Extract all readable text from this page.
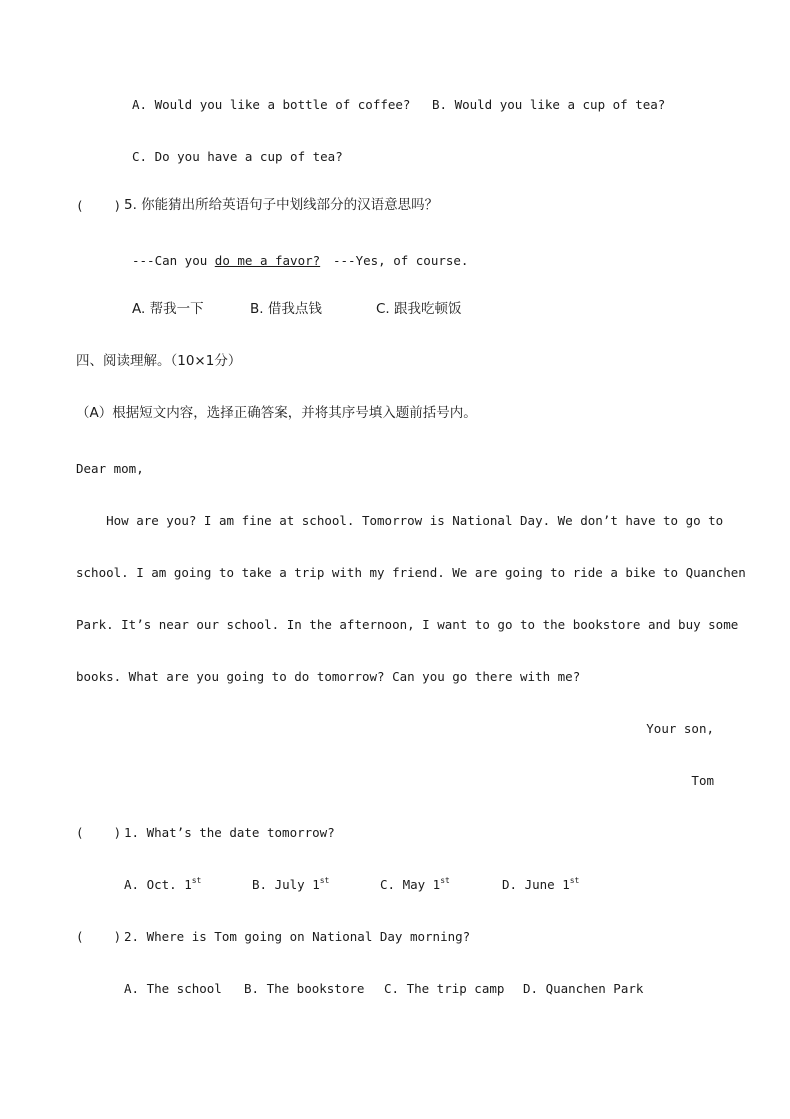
A. Would you like a bottle of coffee? B. Would you like a cup of tea?
C. Do you have a cup of tea?
(    ) 5. 你能猜出所给英语句子中划线部分的汉语意思吗？
---Can you do me a favor? ---Yes, of course.
A. 帮我一下	B. 借我点钱	C. 跟我吃顿饭
四、阅读理解。（10×1分）
（A）根据短文内容，选择正确答案，并将其序号填入题前括号内。
Dear mom,
How are you? I am fine at school. Tomorrow is National Day. We don’t have to go to
school. I am going to take a trip with my friend. We are going to ride a bike to Quanchen
Park. It’s near our school. In the afternoon, I want to go to the bookstore and buy some
books. What are you going to do tomorrow? Can you go there with me?
Your son,
Tom
(    ) 1. What’s the date tomorrow?
A. Oct. 1st	B. July 1st	C. May 1st	D. June 1st
(    ) 2. Where is Tom going on National Day morning?
A. The school B. The bookstore C. The trip camp D. Quanchen Park
